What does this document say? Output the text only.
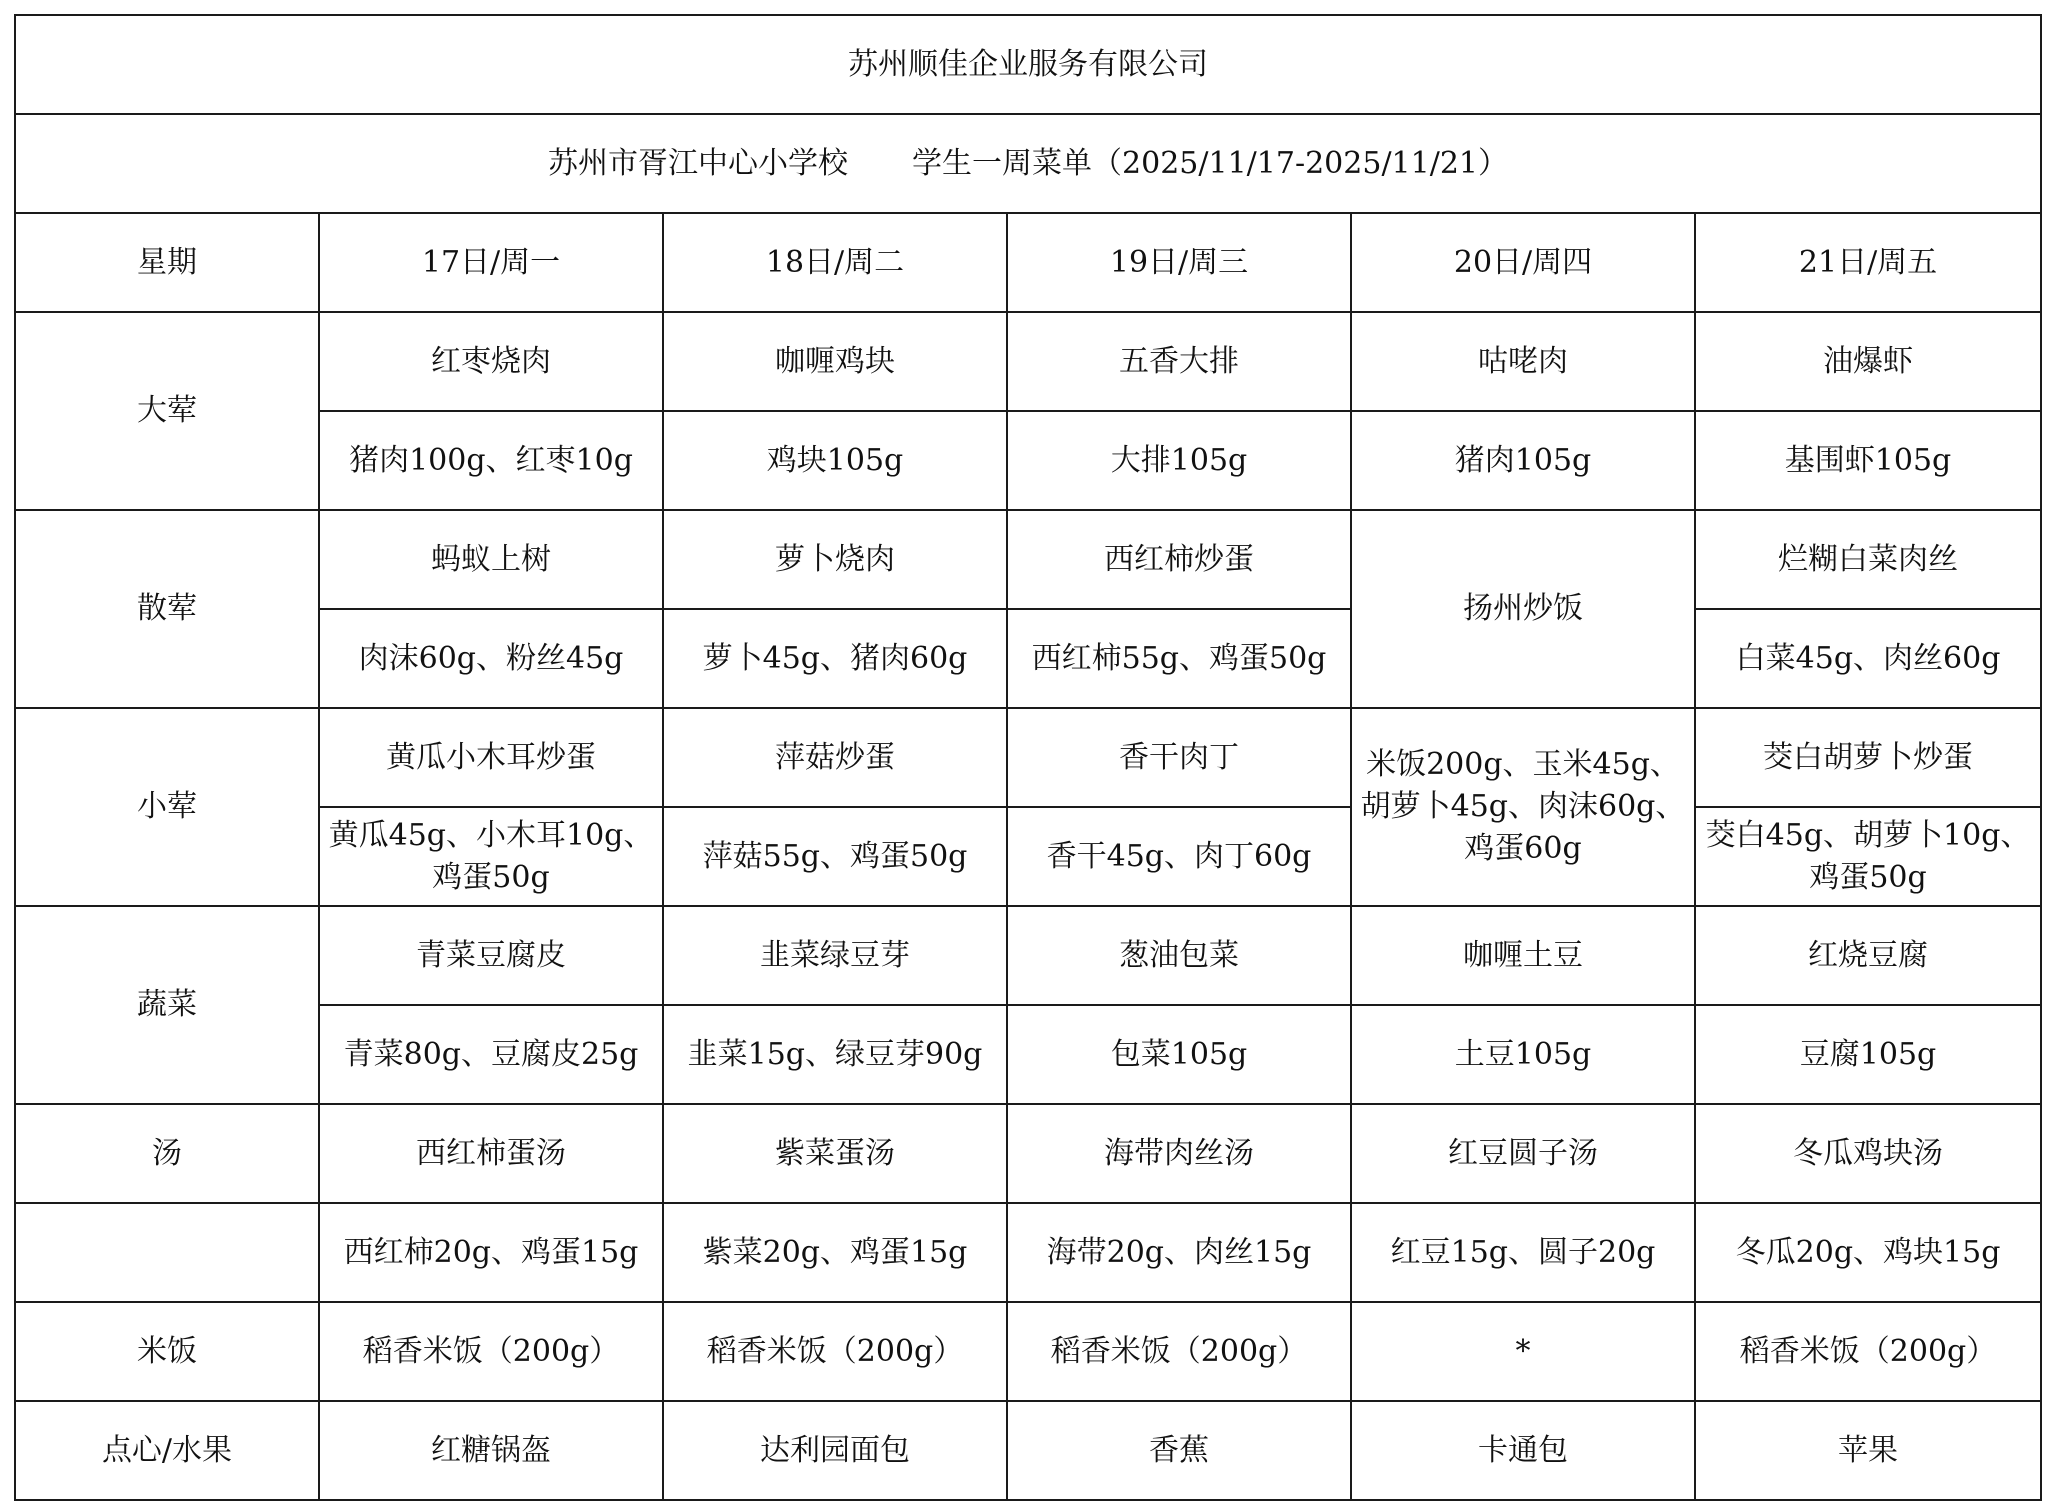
苏州顺佳企业服务有限公司					
苏州市胥江中心小学校 学生一周菜单（2025/11/17-2025/11/21）					
星期	17日/周一	18日/周二	19日/周三	20日/周四	21日/周五
大荤	红枣烧肉	咖喱鸡块	五香大排	咕咾肉	油爆虾
	猪肉100g、红枣10g	鸡块105g	大排105g	猪肉105g	基围虾105g
散荤	蚂蚁上树	萝卜烧肉	西红柿炒蛋	扬州炒饭	烂糊白菜肉丝
	肉沫60g、粉丝45g	萝卜45g、猪肉60g	西红柿55g、鸡蛋50g		白菜45g、肉丝60g
小荤	黄瓜小木耳炒蛋	萍菇炒蛋	香干肉丁	米饭200g、玉米45g、胡萝卜45g、肉沫60g、鸡蛋60g	茭白胡萝卜炒蛋
	黄瓜45g、小木耳10g、鸡蛋50g	萍菇55g、鸡蛋50g	香干45g、肉丁60g		茭白45g、胡萝卜10g、鸡蛋50g
蔬菜	青菜豆腐皮	韭菜绿豆芽	葱油包菜	咖喱土豆	红烧豆腐
	青菜80g、豆腐皮25g	韭菜15g、绿豆芽90g	包菜105g	土豆105g	豆腐105g
汤	西红柿蛋汤	紫菜蛋汤	海带肉丝汤	红豆圆子汤	冬瓜鸡块汤
	西红柿20g、鸡蛋15g	紫菜20g、鸡蛋15g	海带20g、肉丝15g	红豆15g、圆子20g	冬瓜20g、鸡块15g
米饭	稻香米饭（200g）	稻香米饭（200g）	稻香米饭（200g）	*	稻香米饭（200g）
点心/水果	红糖锅盔	达利园面包	香蕉	卡通包	苹果
